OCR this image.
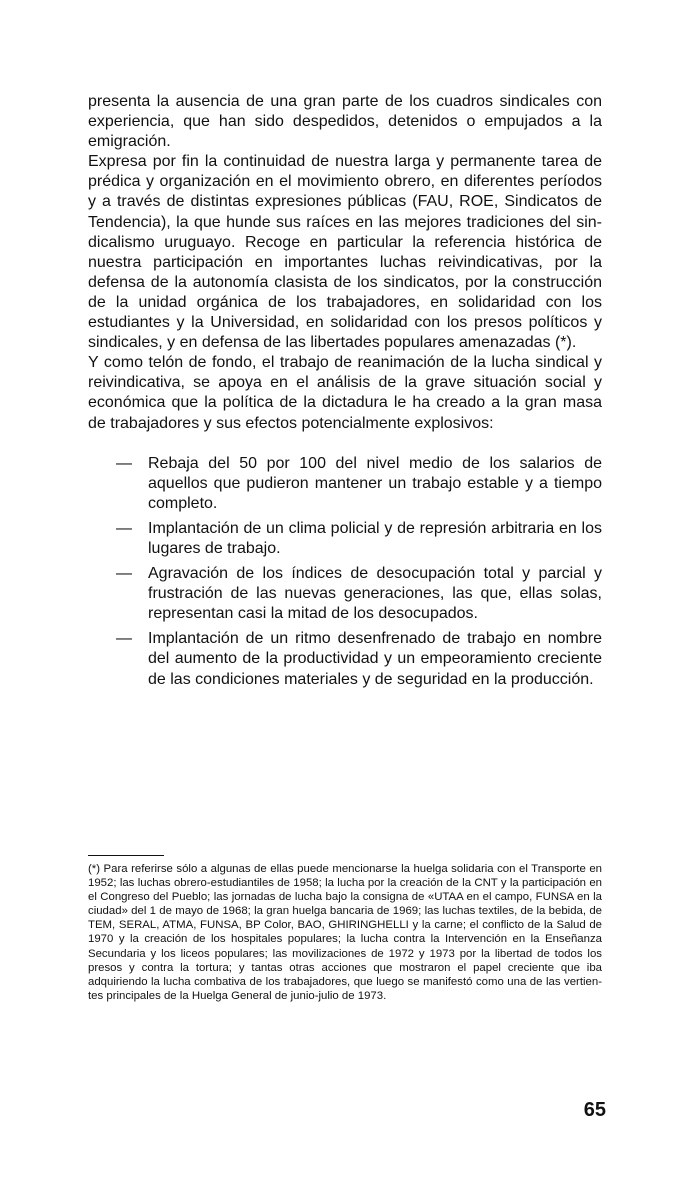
presenta la ausencia de una gran parte de los cuadros sindicales con experiencia, que han sido despedidos, detenidos o empujados a la emigración.

Expresa por fin la continuidad de nuestra larga y permanente tarea de prédica y organización en el movimiento obrero, en diferentes períodos y a través de distintas expresiones públicas (FAU, ROE, Sindicatos de Tendencia), la que hunde sus raíces en las mejores tradiciones del sindicalismo uruguayo. Recoge en particular la referencia histórica de nuestra participación en importantes luchas reivindicativas, por la defensa de la autonomía clasista de los sindicatos, por la construcción de la unidad orgánica de los trabajadores, en solidaridad con los estudiantes y la Universidad, en solidaridad con los presos políticos y sindicales, y en defensa de las libertades populares amenazadas (*).

Y como telón de fondo, el trabajo de reanimación de la lucha sindical y reivindicativa, se apoya en el análisis de la grave situación social y económica que la política de la dictadura le ha creado a la gran masa de trabajadores y sus efectos potencialmente explosivos:

—	Rebaja del 50 por 100 del nivel medio de los salarios de aquellos que pudieron mantener un trabajo estable y a tiempo completo.
—	Implantación de un clima policial y de represión arbitraria en los lugares de trabajo.
—	Agravación de los índices de desocupación total y parcial y frustración de las nuevas generaciones, las que, ellas solas, representan casi la mitad de los desocupados.
—	Implantación de un ritmo desenfrenado de trabajo en nombre del aumento de la productividad y un empeoramiento creciente de las condiciones materiales y de seguridad en la producción.

(*) Para referirse sólo a algunas de ellas puede mencionarse la huelga solidaria con el Transporte en 1952; las luchas obrero-estudiantiles de 1958; la lucha por la creación de la CNT y la participación en el Congreso del Pueblo; las jornadas de lucha bajo la consigna de «UTAA en el campo, FUNSA en la ciudad» del 1 de mayo de 1968; la gran huelga bancaria de 1969; las luchas textiles, de la bebida, de TEM, SERAL, ATMA, FUNSA, BP Color, BAO, GHIRINGHELLI y la carne; el conflicto de la Salud de 1970 y la creación de los hospitales populares; la lucha contra la Intervención en la Enseñanza Secundaria y los liceos populares; las movilizaciones de 1972 y 1973 por la libertad de todos los presos y contra la tortura; y tantas otras acciones que mostraron el papel creciente que iba adquiriendo la lucha combativa de los trabajadores, que luego se manifestó como una de las vertientes principales de la Huelga General de junio-julio de 1973.

65
